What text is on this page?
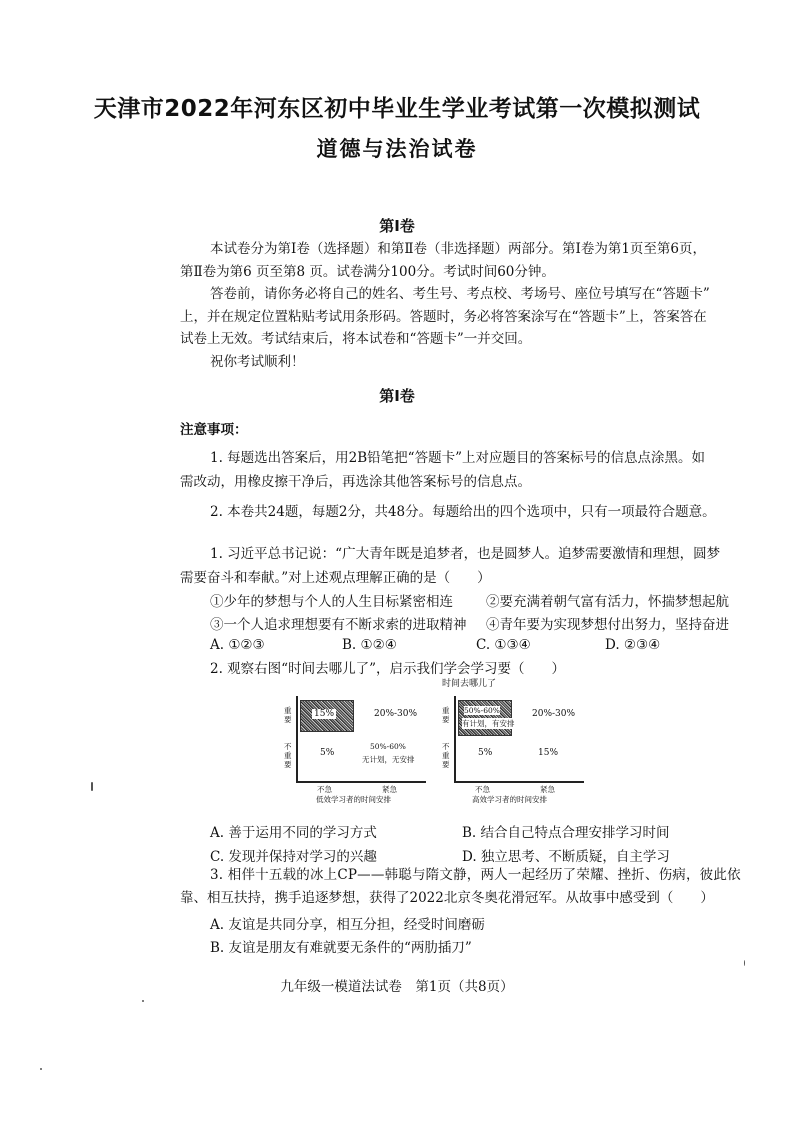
天津市2022年河东区初中毕业生学业考试第一次模拟测试
道德与法治试卷
第Ⅰ卷
本试卷分为第Ⅰ卷（选择题）和第Ⅱ卷（非选择题）两部分。第Ⅰ卷为第1页至第6页，
第Ⅱ卷为第6 页至第8 页。试卷满分100分。考试时间60分钟。
答卷前，请你务必将自己的姓名、考生号、考点校、考场号、座位号填写在“答题卡”
上，并在规定位置粘贴考试用条形码。答题时，务必将答案涂写在“答题卡”上，答案答在
试卷上无效。考试结束后，将本试卷和“答题卡”一并交回。
祝你考试顺利！
第Ⅰ卷
注意事项：
1. 每题选出答案后，用2B铅笔把“答题卡”上对应题目的答案标号的信息点涂黑。如
需改动，用橡皮擦干净后，再选涂其他答案标号的信息点。
2. 本卷共24题，每题2分，共48分。每题给出的四个选项中，只有一项最符合题意。
1. 习近平总书记说：“广大青年既是追梦者，也是圆梦人。追梦需要激情和理想，圆梦
需要奋斗和奉献。”对上述观点理解正确的是（　　）
①少年的梦想与个人的人生目标紧密相连 ②要充满着朝气富有活力，怀揣梦想起航
③一个人追求理想要有不断求索的进取精神 ④青年要为实现梦想付出努力，坚持奋进
A. ①②③	B. ①②④	C. ①③④	D. ②③④
2. 观察右图“时间去哪儿了”，启示我们学会学习要（　　）
时间去哪儿了
重要
不重要
15%	20%-30%
5%
50%-60%
无计划，无安排
不急	紧急
低效学习者的时间安排
重要
不重要
50%-60%
有计划，有安排
20%-30%
5%	15%
不急	紧急
高效学习者的时间安排
A. 善于运用不同的学习方式	B. 结合自己特点合理安排学习时间
C. 发现并保持对学习的兴趣	D. 独立思考、不断质疑，自主学习
3. 相伴十五载的冰上CP——韩聪与隋文静，两人一起经历了荣耀、挫折、伤病，彼此依
靠、相互扶持，携手追逐梦想，获得了2022北京冬奥花滑冠军。从故事中感受到（　　）
A. 友谊是共同分享，相互分担，经受时间磨砺
B. 友谊是朋友有难就要无条件的“两肋插刀”
九年级一模道法试卷　第1页（共8页）
